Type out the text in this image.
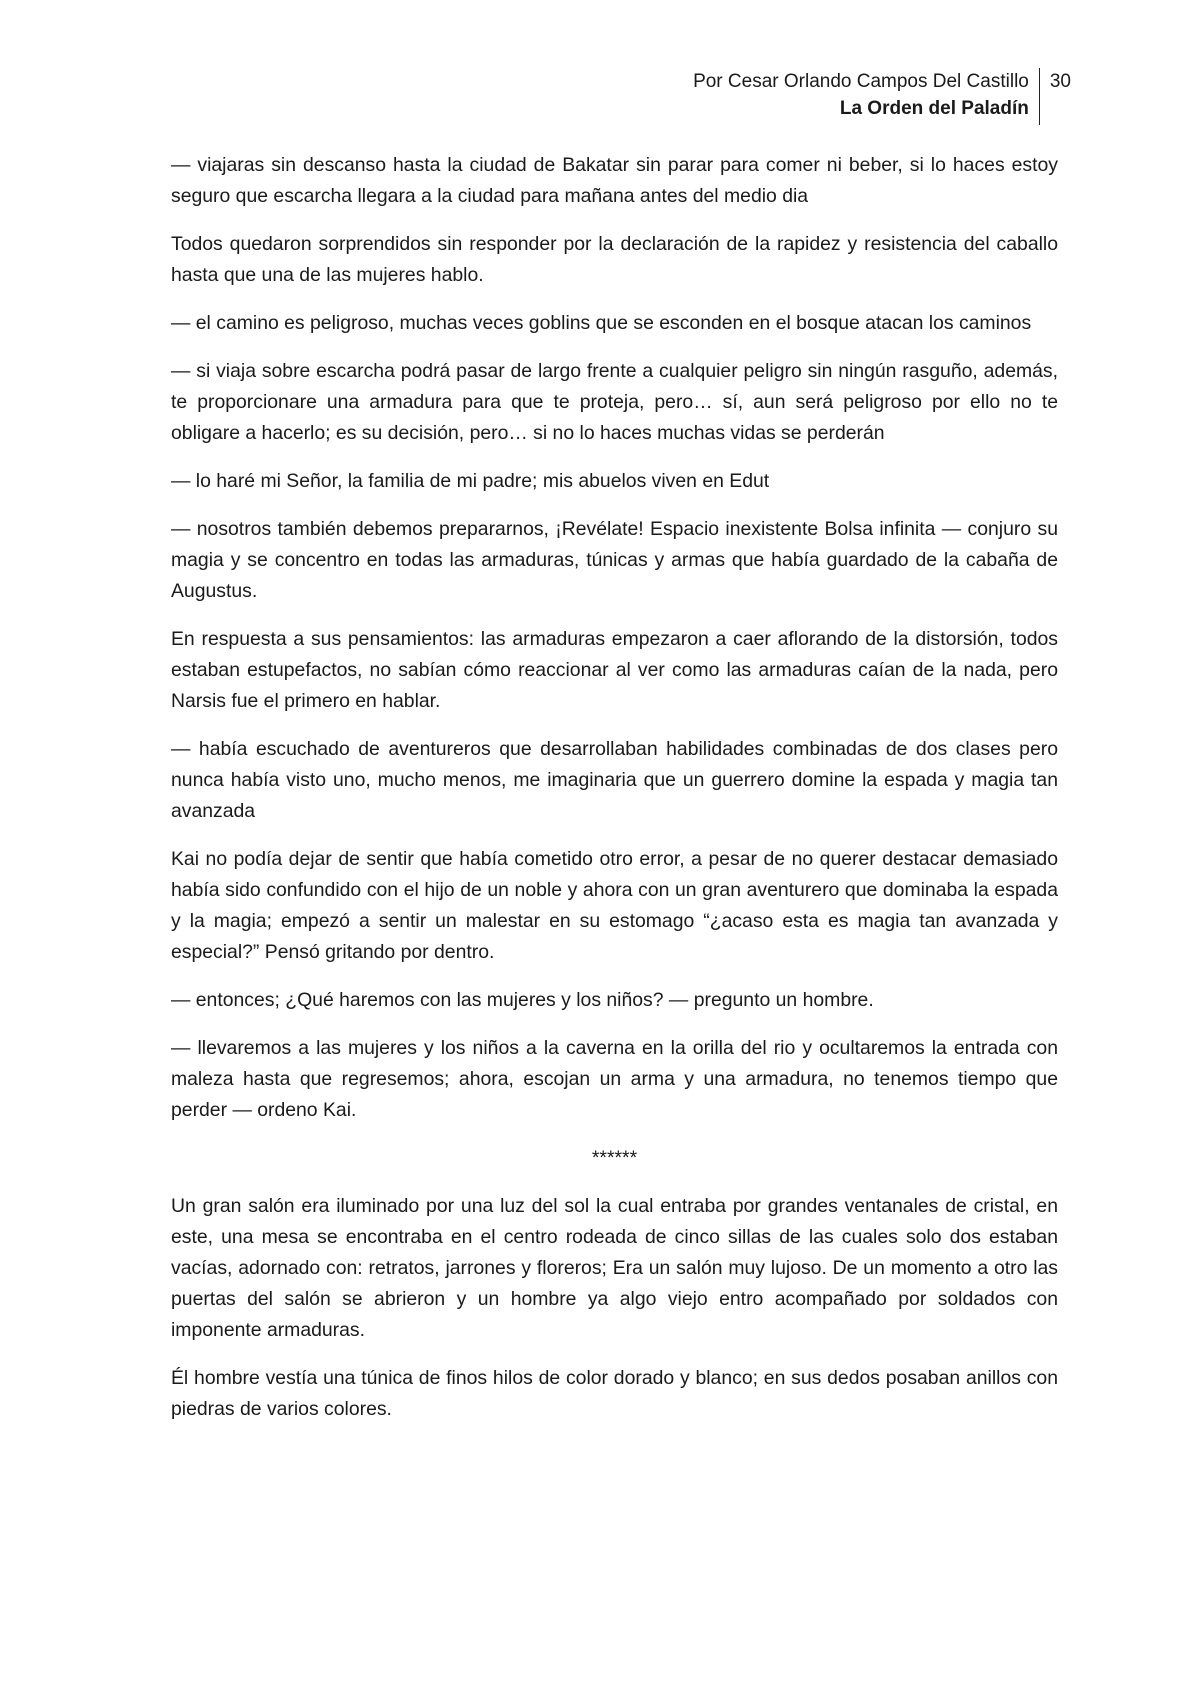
Por Cesar Orlando Campos Del Castillo
La Orden del Paladín
30

— viajaras sin descanso hasta la ciudad de Bakatar sin parar para comer ni beber, si lo haces estoy seguro que escarcha llegara a la ciudad para mañana antes del medio dia

Todos quedaron sorprendidos sin responder por la declaración de la rapidez y resistencia del caballo hasta que una de las mujeres hablo.

— el camino es peligroso, muchas veces goblins que se esconden en el bosque atacan los caminos

— si viaja sobre escarcha podrá pasar de largo frente a cualquier peligro sin ningún rasguño, además, te proporcionare una armadura para que te proteja, pero… sí, aun será peligroso por ello no te obligare a hacerlo; es su decisión, pero… si no lo haces muchas vidas se perderán

— lo haré mi Señor, la familia de mi padre; mis abuelos viven en Edut

— nosotros también debemos prepararnos, ¡Revélate! Espacio inexistente Bolsa infinita — conjuro su magia y se concentro en todas las armaduras, túnicas y armas que había guardado de la cabaña de Augustus.

En respuesta a sus pensamientos: las armaduras empezaron a caer aflorando de la distorsión, todos estaban estupefactos, no sabían cómo reaccionar al ver como las armaduras caían de la nada, pero Narsis fue el primero en hablar.

— había escuchado de aventureros que desarrollaban habilidades combinadas de dos clases pero nunca había visto uno, mucho menos, me imaginaria que un guerrero domine la espada y magia tan avanzada

Kai no podía dejar de sentir que había cometido otro error, a pesar de no querer destacar demasiado había sido confundido con el hijo de un noble y ahora con un gran aventurero que dominaba la espada y la magia; empezó a sentir un malestar en su estomago “¿acaso esta es magia tan avanzada y especial?” Pensó gritando por dentro.

— entonces; ¿Qué haremos con las mujeres y los niños? — pregunto un hombre.

— llevaremos a las mujeres y los niños a la caverna en la orilla del rio y ocultaremos la entrada con maleza hasta que regresemos; ahora, escojan un arma y una armadura, no tenemos tiempo que perder — ordeno Kai.

******

Un gran salón era iluminado por una luz del sol la cual entraba por grandes ventanales de cristal, en este, una mesa se encontraba en el centro rodeada de cinco sillas de las cuales solo dos estaban vacías, adornado con: retratos, jarrones y floreros; Era un salón muy lujoso. De un momento a otro las puertas del salón se abrieron y un hombre ya algo viejo entro acompañado por soldados con imponente armaduras.

Él hombre vestía una túnica de finos hilos de color dorado y blanco; en sus dedos posaban anillos con piedras de varios colores.
